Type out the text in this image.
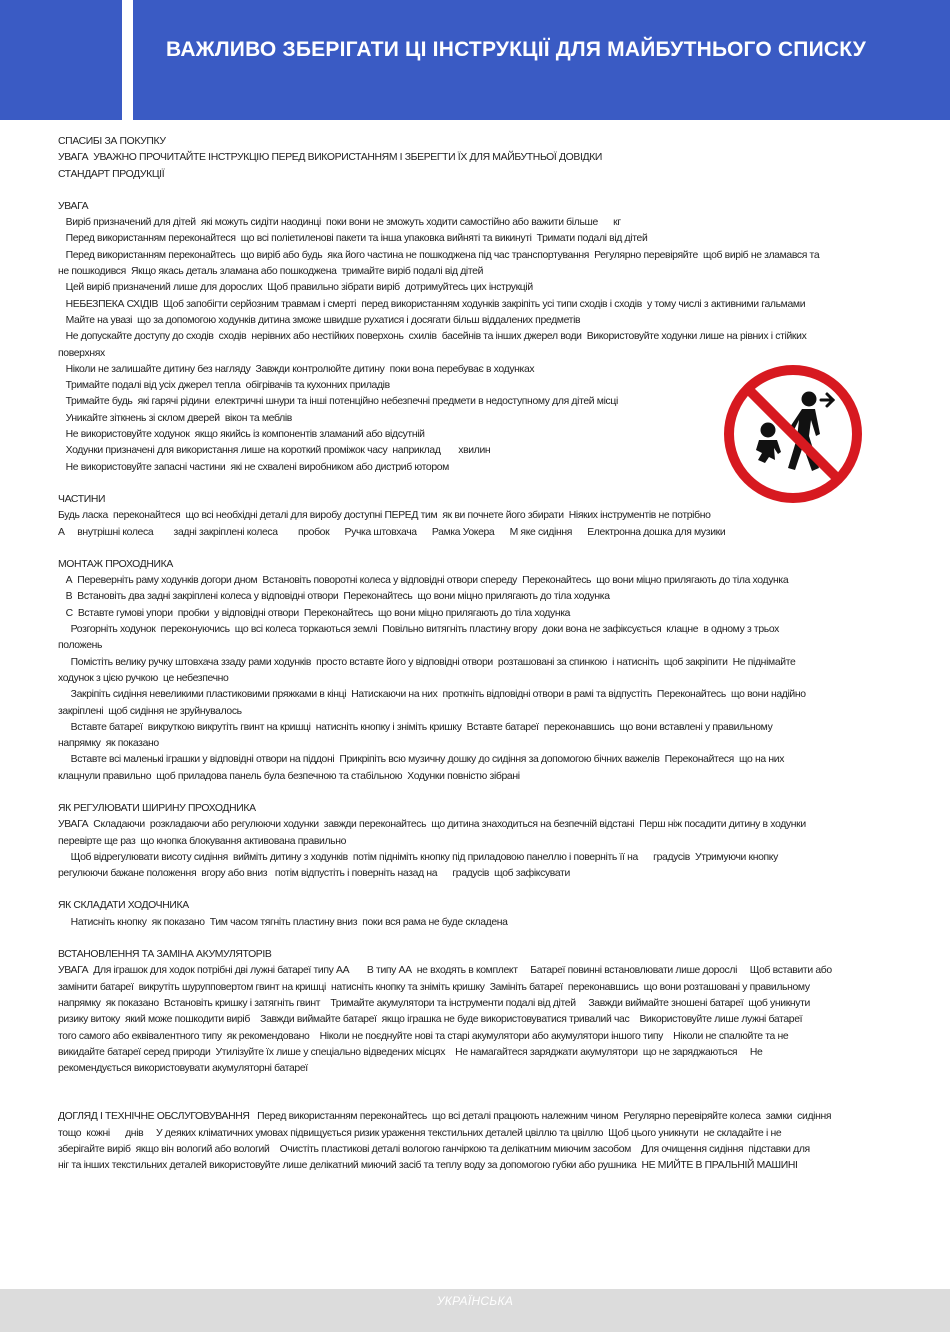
ВАЖЛИВО ЗБЕРІГАТИ ЦІ ІНСТРУКЦІЇ ДЛЯ МАЙБУТНЬОГО СПИСКУ
СПАСИБІ ЗА ПОКУПКУ
УВАГА  УВАЖНО ПРОЧИТАЙТЕ ІНСТРУКЦІЮ ПЕРЕД ВИКОРИСТАННЯМ І ЗБЕРЕГТИ ЇХ ДЛЯ МАЙБУТНЬОЇ ДОВІДКИ
СТАНДАРТ ПРОДУКЦІЇ
УВАГА
Виріб призначений для дітей  які можуть сидіти наодинці  поки вони не зможуть ходити самостійно або важити більше      кг
Перед використанням переконайтеся  що всі поліетиленові пакети та інша упаковка вийняті та викинуті  Тримати подалі від дітей
Перед використанням переконайтесь  що виріб або будь  яка його частина не пошкоджена під час транспортування  Регулярно перевіряйте  щоб виріб не зламався та
не пошкодився  Якщо якась деталь зламана або пошкоджена  тримайте виріб подалі від дітей
Цей виріб призначений лише для дорослих  Щоб правильно зібрати виріб  дотримуйтесь цих інструкцій
НЕБЕЗПЕКА СХІДІВ  Щоб запобігти серйозним травмам і смерті  перед використанням ходунків закріпіть усі типи сходів і сходів  у тому числі з активними гальмами
Майте на увазі  що за допомогою ходунків дитина зможе швидше рухатися і досягати більш віддалених предметів
Не допускайте доступу до сходів  сходів  нерівних або нестійких поверхонь  схилів  басейнів та інших джерел води  Використовуйте ходунки лише на рівних і стійких
поверхнях
Ніколи не залишайте дитину без нагляду  Завжди контролюйте дитину  поки вона перебуває в ходунках
Тримайте подалі від усіх джерел тепла  обігрівачів та кухонних приладів
Тримайте будь  які гарячі рідини  електричні шнури та інші потенційно небезпечні предмети в недоступному для дітей місці
Уникайте зіткнень зі склом дверей  вікон та меблів
Не використовуйте ходунок  якщо якийсь із компонентів зламаний або відсутній
Ходунки призначені для використання лише на короткий проміжок часу  наприклад       хвилин
Не використовуйте запасні частини  які не схвалені виробником або дистриб ютором
ЧАСТИНИ
Будь ласка  переконайтеся  що всі необхідні деталі для виробу доступні ПЕРЕД тим  як ви почнете його збирати  Ніяких інструментів не потрібно
А     внутрішні колеса        задні закріплені колеса        пробок      Ручка штовхача      Рамка Уокера      М яке сидіння      Електронна дошка для музики
МОНТАЖ ПРОХОДНИКА
А  Переверніть раму ходунків догори дном  Встановіть поворотні колеса у відповідні отвори спереду  Переконайтесь  що вони міцно прилягають до тіла ходунка
В  Встановіть два задні закріплені колеса у відповідні отвори  Переконайтесь  що вони міцно прилягають до тіла ходунка
С  Вставте гумові упори  пробки  у відповідні отвори  Переконайтесь  що вони міцно прилягають до тіла ходунка
Розгорніть ходунок  переконуючись  що всі колеса торкаються землі  Повільно витягніть пластину вгору  доки вона не зафіксується  клацне  в одному з трьох
положень
Помістіть велику ручку штовхача ззаду рами ходунків  просто вставте його у відповідні отвори  розташовані за спинкою  і натисніть  щоб закріпити  Не піднімайте
ходунок з цією ручкою  це небезпечно
Закріпіть сидіння невеликими пластиковими пряжками в кінці  Натискаючи на них  проткніть відповідні отвори в рамі та відпустіть  Переконайтесь  що вони надійно
закріплені  щоб сидіння не зруйнувалось
Вставте батареї  викруткою викрутіть гвинт на кришці  натисніть кнопку і зніміть кришку  Вставте батареї  переконавшись  що вони вставлені у правильному
напрямку  як показано
Вставте всі маленькі іграшки у відповідні отвори на піддоні  Прикріпіть всю музичну дошку до сидіння за допомогою бічних важелів  Переконайтеся  що на них
клацнули правильно  щоб приладова панель була безпечною та стабільною  Ходунки повністю зібрані
ЯК РЕГУЛЮВАТИ ШИРИНУ ПРОХОДНИКА
УВАГА  Складаючи  розкладаючи або регулюючи ходунки  завжди переконайтесь  що дитина знаходиться на безпечній відстані  Перш ніж посадити дитину в ходунки
перевірте ще раз  що кнопка блокування активована правильно
Щоб відрегулювати висоту сидіння  вийміть дитину з ходунків  потім підніміть кнопку під приладовою панеллю і поверніть її на      градусів  Утримуючи кнопку
регулюючи бажане положення  вгору або вниз   потім відпустіть і поверніть назад на      градусів  щоб зафіксувати
ЯК СКЛАДАТИ ХОДОЧНИКА
Натисніть кнопку  як показано  Тим часом тягніть пластину вниз  поки вся рама не буде складена
ВСТАНОВЛЕННЯ ТА ЗАМІНА АКУМУЛЯТОРІВ
УВАГА  Для іграшок для ходок потрібні дві лужні батареї типу АА       В типу АА  не входять в комплект     Батареї повинні встановлювати лише дорослі     Щоб вставити або
замінити батареї  викрутіть шурупповертом гвинт на кришці  натисніть кнопку та зніміть кришку  Замініть батареї  переконавшись  що вони розташовані у правильному
напрямку  як показано  Встановіть кришку і затягніть гвинт    Тримайте акумулятори та інструменти подалі від дітей     Завжди виймайте зношені батареї  щоб уникнути
ризику витоку  який може пошкодити виріб    Завжди виймайте батареї  якщо іграшка не буде використовуватися тривалий час    Використовуйте лише лужні батареї
того самого або еквівалентного типу  як рекомендовано    Ніколи не поєднуйте нові та старі акумулятори або акумулятори іншого типу    Ніколи не спалюйте та не
викидайте батареї серед природи  Утилізуйте їх лише у спеціально відведених місцях    Не намагайтеся заряджати акумулятори  що не заряджаються     Не
рекомендується використовувати акумуляторні батареї
ДОГЛЯД І ТЕХНІЧНЕ ОБСЛУГОВУВАННЯ   Перед використанням переконайтесь  що всі деталі працюють належним чином  Регулярно перевіряйте колеса  замки  сидіння
тощо  кожні      днів     У деяких кліматичних умовах підвищується ризик ураження текстильних деталей цвіллю та цвіллю  Щоб цього уникнути  не складайте і не
зберігайте виріб  якщо він вологий або вологий    Очистіть пластикові деталі вологою ганчіркою та делікатним миючим засобом    Для очищення сидіння  підставки для
ніг та інших текстильних деталей використовуйте лише делікатний миючий засіб та теплу воду за допомогою губки або рушника  НЕ МИЙТЕ В ПРАЛЬНІЙ МАШИНІ
УКРАЇНСЬКА
